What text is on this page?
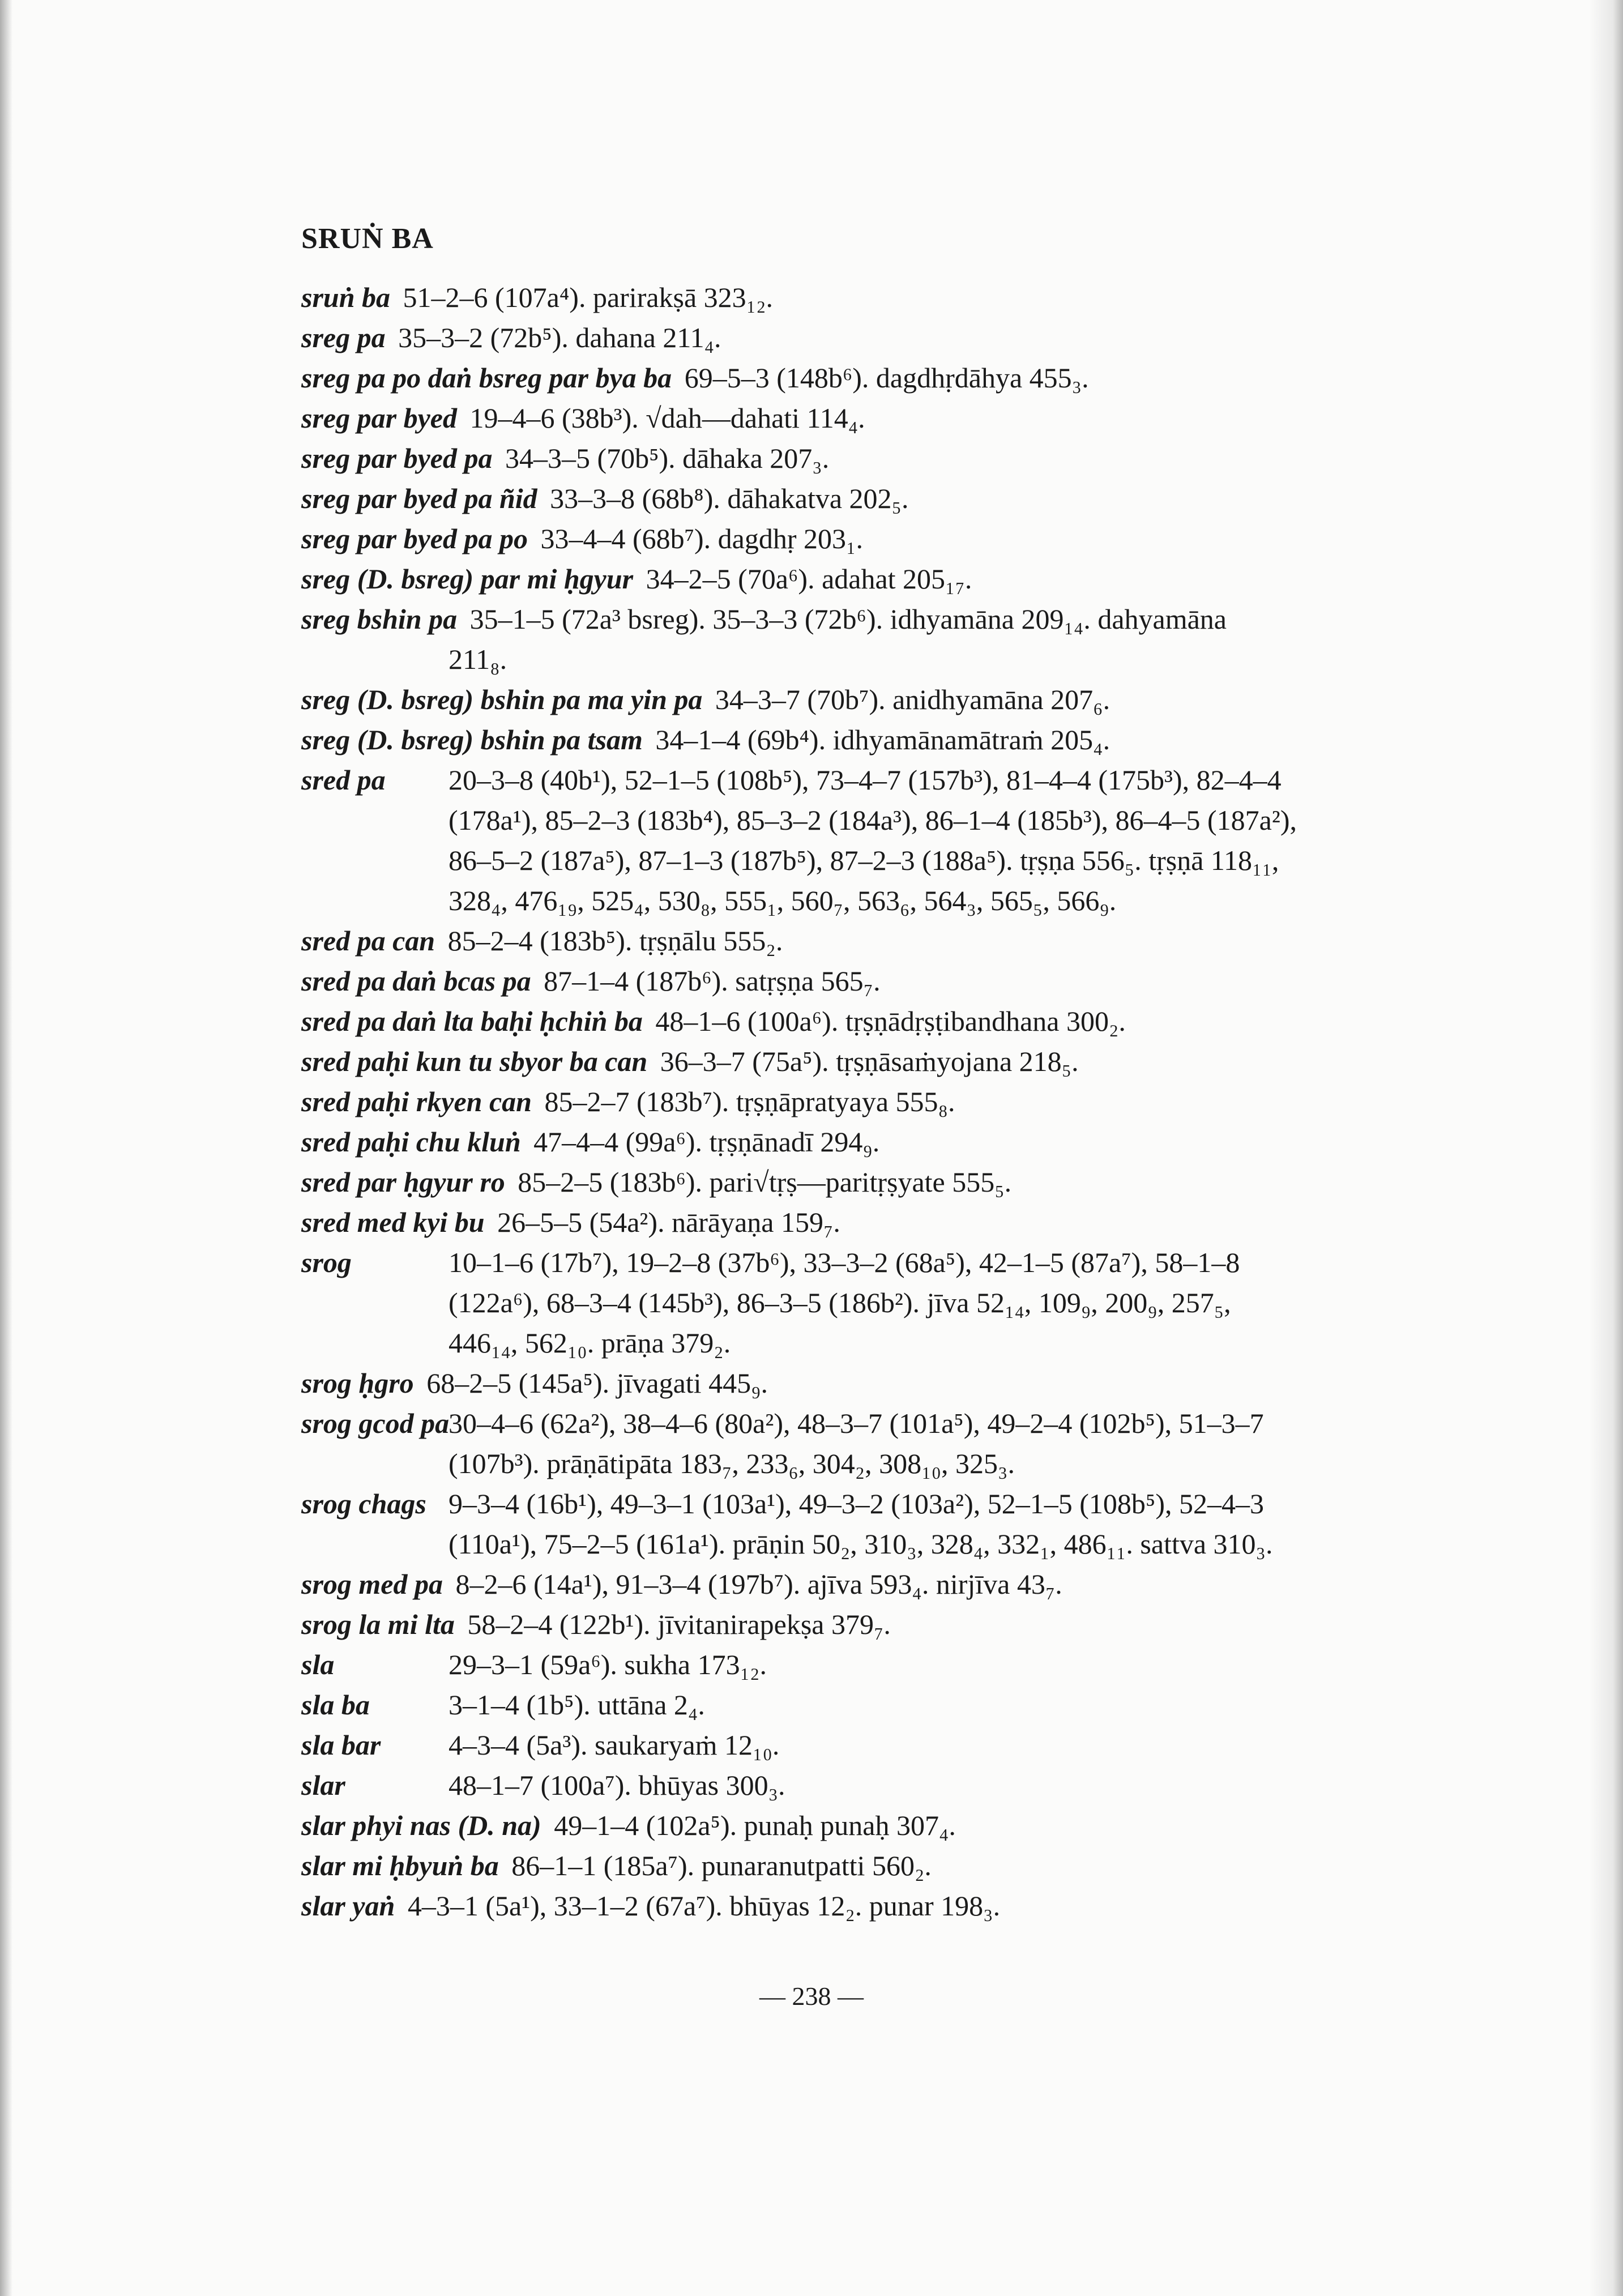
SRUṄ BA
sruṅ ba 51–2–6 (107a⁴). parirakṣā 323₁₂.
sreg pa 35–3–2 (72b⁵). dahana 211₄.
sreg pa po daṅ bsreg par bya ba 69–5–3 (148b⁶). dagdhṛdāhya 455₃.
sreg par byed 19–4–6 (38b³). √dah—dahati 114₄.
sreg par byed pa 34–3–5 (70b⁵). dāhaka 207₃.
sreg par byed pa ñid 33–3–8 (68b⁸). dāhakatva 202₅.
sreg par byed pa po 33–4–4 (68b⁷). dagdhṛ 203₁.
sreg (D. bsreg) par mi ḥgyur 34–2–5 (70a⁶). adahat 205₁₇.
sreg bshin pa 35–1–5 (72a³ bsreg). 35–3–3 (72b⁶). idhyamāna 209₁₄. dahyamāna
211₈.
sreg (D. bsreg) bshin pa ma yin pa 34–3–7 (70b⁷). anidhyamāna 207₆.
sreg (D. bsreg) bshin pa tsam 34–1–4 (69b⁴). idhyamānamātraṁ 205₄.
sred pa 20–3–8 (40b¹), 52–1–5 (108b⁵), 73–4–7 (157b³), 81–4–4 (175b³), 82–4–4
(178a¹), 85–2–3 (183b⁴), 85–3–2 (184a³), 86–1–4 (185b³), 86–4–5 (187a²),
86–5–2 (187a⁵), 87–1–3 (187b⁵), 87–2–3 (188a⁵). tṛṣṇa 556₅. tṛṣṇā 118₁₁,
328₄, 476₁₉, 525₄, 530₈, 555₁, 560₇, 563₆, 564₃, 565₅, 566₉.
sred pa can 85–2–4 (183b⁵). tṛṣṇālu 555₂.
sred pa daṅ bcas pa 87–1–4 (187b⁶). satṛṣṇa 565₇.
sred pa daṅ lta baḥi ḥchiṅ ba 48–1–6 (100a⁶). tṛṣṇādṛṣṭibandhana 300₂.
sred paḥi kun tu sbyor ba can 36–3–7 (75a⁵). tṛṣṇāsaṁyojana 218₅.
sred paḥi rkyen can 85–2–7 (183b⁷). tṛṣṇāpratyaya 555₈.
sred paḥi chu kluṅ 47–4–4 (99a⁶). tṛṣṇānadī 294₉.
sred par ḥgyur ro 85–2–5 (183b⁶). pari√tṛṣ—paritṛṣyate 555₅.
sred med kyi bu 26–5–5 (54a²). nārāyaṇa 159₇.
srog	10–1–6 (17b⁷), 19–2–8 (37b⁶), 33–3–2 (68a⁵), 42–1–5 (87a⁷), 58–1–8
(122a⁶), 68–3–4 (145b³), 86–3–5 (186b²). jīva 52₁₄, 109₉, 200₉, 257₅,
446₁₄, 562₁₀. prāṇa 379₂.
srog ḥgro 68–2–5 (145a⁵). jīvagati 445₉.
srog gcod pa
30–4–6 (62a²), 38–4–6 (80a²), 48–3–7 (101a⁵), 49–2–4 (102b⁵), 51–3–7
(107b³). prāṇātipāta 183₇, 233₆, 304₂, 308₁₀, 325₃.
srog chags 9–3–4 (16b¹), 49–3–1 (103a¹), 49–3–2 (103a²), 52–1–5 (108b⁵), 52–4–3
(110a¹), 75–2–5 (161a¹). prāṇin 50₂, 310₃, 328₄, 332₁, 486₁₁. sattva 310₃.
srog med pa 8–2–6 (14a¹), 91–3–4 (197b⁷). ajīva 593₄. nirjīva 43₇.
srog la mi lta 58–2–4 (122b¹). jīvitanirapekṣa 379₇.
sla	29–3–1 (59a⁶). sukha 173₁₂.
sla ba	3–1–4 (1b⁵). uttāna 2₄.
sla bar 4–3–4 (5a³). saukaryaṁ 12₁₀.
slar	48–1–7 (100a⁷). bhūyas 300₃.
slar phyi nas (D. na) 49–1–4 (102a⁵). punaḥ punaḥ 307₄.
slar mi ḥbyuṅ ba 86–1–1 (185a⁷). punaranutpatti 560₂.
slar yaṅ 4–3–1 (5a¹), 33–1–2 (67a⁷). bhūyas 12₂. punar 198₃.
— 238 —
